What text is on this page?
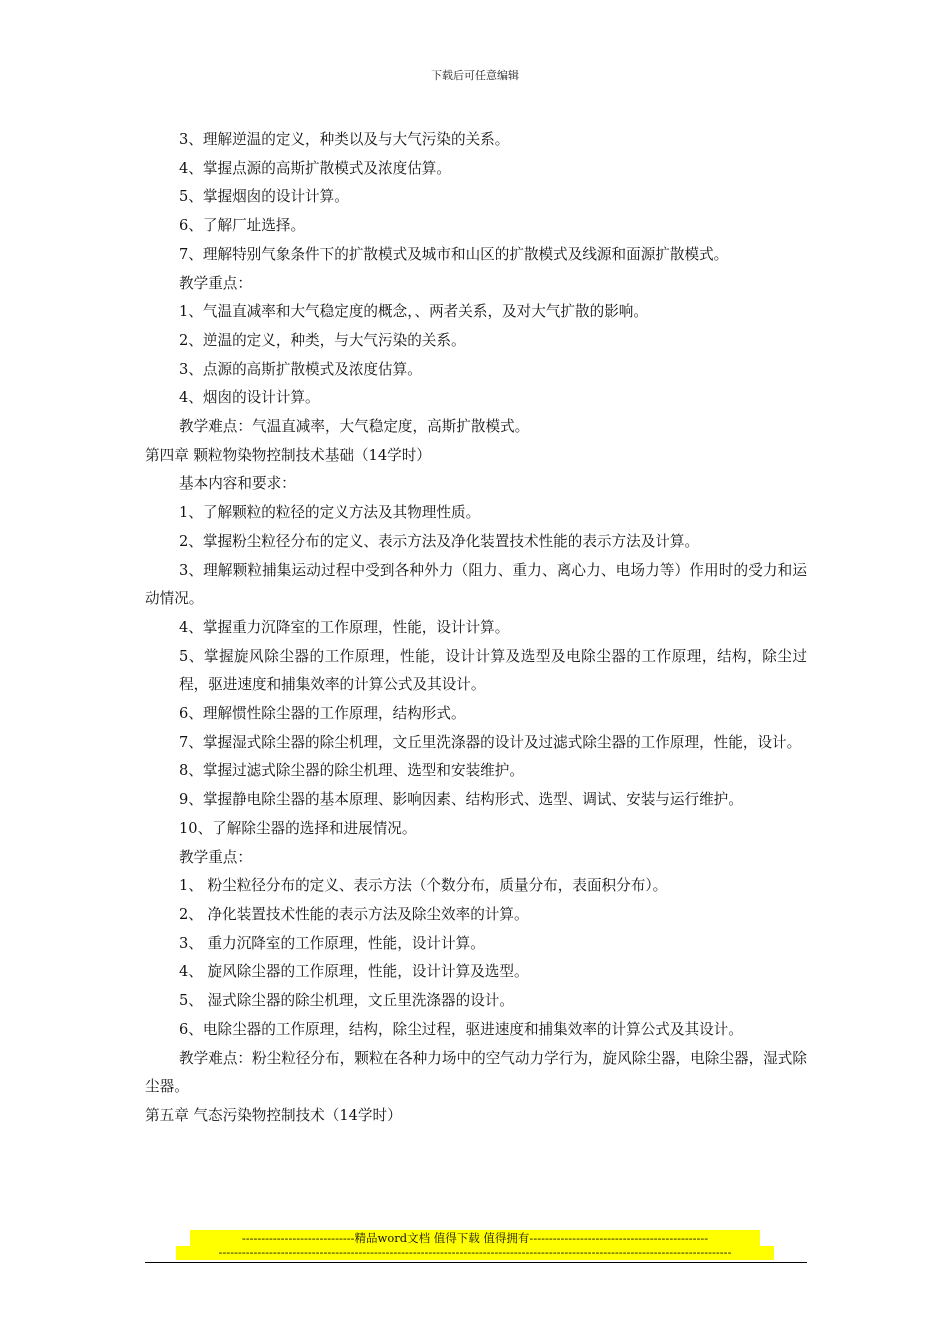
下载后可任意编辑

3、理解逆温的定义，种类以及与大气污染的关系。

4、掌握点源的高斯扩散模式及浓度估算。

5、掌握烟囱的设计计算。

6、了解厂址选择。

7、理解特别气象条件下的扩散模式及城市和山区的扩散模式及线源和面源扩散模式。

教学重点：

1、气温直减率和大气稳定度的概念，、两者关系，及对大气扩散的影响。

2、逆温的定义，种类，与大气污染的关系。

3、点源的高斯扩散模式及浓度估算。

4、烟囱的设计计算。

教学难点：气温直减率，大气稳定度，高斯扩散模式。

第四章 颗粒物染物控制技术基础（14学时）

基本内容和要求：

1、了解颗粒的粒径的定义方法及其物理性质。

2、掌握粉尘粒径分布的定义、表示方法及净化装置技术性能的表示方法及计算。

3、理解颗粒捕集运动过程中受到各种外力（阻力、重力、离心力、电场力等）作用时的受力和运动情况。

4、掌握重力沉降室的工作原理，性能，设计计算。

5、掌握旋风除尘器的工作原理，性能，设计计算及选型及电除尘器的工作原理，结构，除尘过程，驱进速度和捕集效率的计算公式及其设计。

6、理解惯性除尘器的工作原理，结构形式。

7、掌握湿式除尘器的除尘机理，文丘里洗涤器的设计及过滤式除尘器的工作原理，性能，设计。

8、掌握过滤式除尘器的除尘机理、选型和安装维护。

9、掌握静电除尘器的基本原理、影响因素、结构形式、选型、调试、安装与运行维护。

10、了解除尘器的选择和进展情况。

教学重点：

1、 粉尘粒径分布的定义、表示方法（个数分布，质量分布，表面积分布）。

2、 净化装置技术性能的表示方法及除尘效率的计算。

3、 重力沉降室的工作原理，性能，设计计算。

4、 旋风除尘器的工作原理，性能，设计计算及选型。

5、 湿式除尘器的除尘机理，文丘里洗涤器的设计。

6、电除尘器的工作原理，结构，除尘过程，驱进速度和捕集效率的计算公式及其设计。

教学难点：粉尘粒径分布，颗粒在各种力场中的空气动力学行为，旋风除尘器，电除尘器，湿式除尘器。

第五章 气态污染物控制技术（14学时）

-----------------------------精品word文档 值得下载 值得拥有----------------------------------------------
------------------------------------------------------------------------------------------------------------------------------------
